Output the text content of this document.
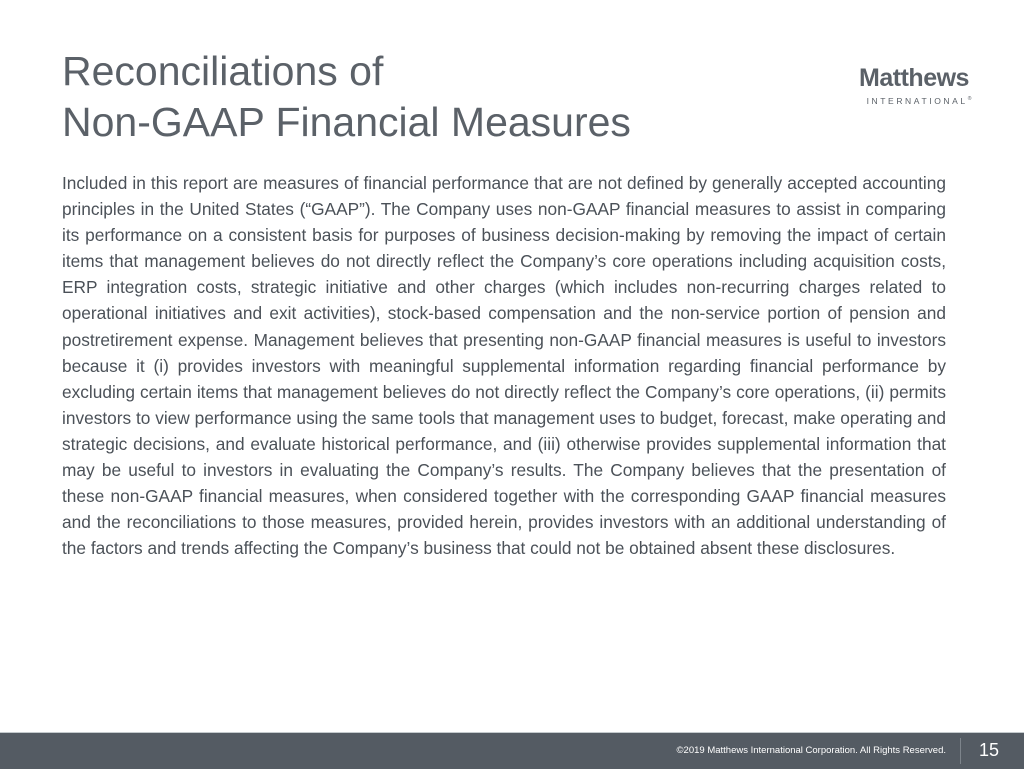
Reconciliations of
Non-GAAP Financial Measures
Matthews
INTERNATIONAL®

Included in this report are measures of financial performance that are not defined by generally accepted accounting principles in the United States (“GAAP”). The Company uses non-GAAP financial measures to assist in comparing its performance on a consistent basis for purposes of business decision-making by removing the impact of certain items that management believes do not directly reflect the Company’s core operations including acquisition costs, ERP integration costs, strategic initiative and other charges (which includes non-recurring charges related to operational initiatives and exit activities), stock-based compensation and the non-service portion of pension and postretirement expense. Management believes that presenting non-GAAP financial measures is useful to investors because it (i) provides investors with meaningful supplemental information regarding financial performance by excluding certain items that management believes do not directly reflect the Company’s core operations, (ii) permits investors to view performance using the same tools that management uses to budget, forecast, make operating and strategic decisions, and evaluate historical performance, and (iii) otherwise provides supplemental information that may be useful to investors in evaluating the Company’s results. The Company believes that the presentation of these non-GAAP financial measures, when considered together with the corresponding GAAP financial measures and the reconciliations to those measures, provided herein, provides investors with an additional understanding of the factors and trends affecting the Company’s business that could not be obtained absent these disclosures.

©2019 Matthews International Corporation. All Rights Reserved. 15
